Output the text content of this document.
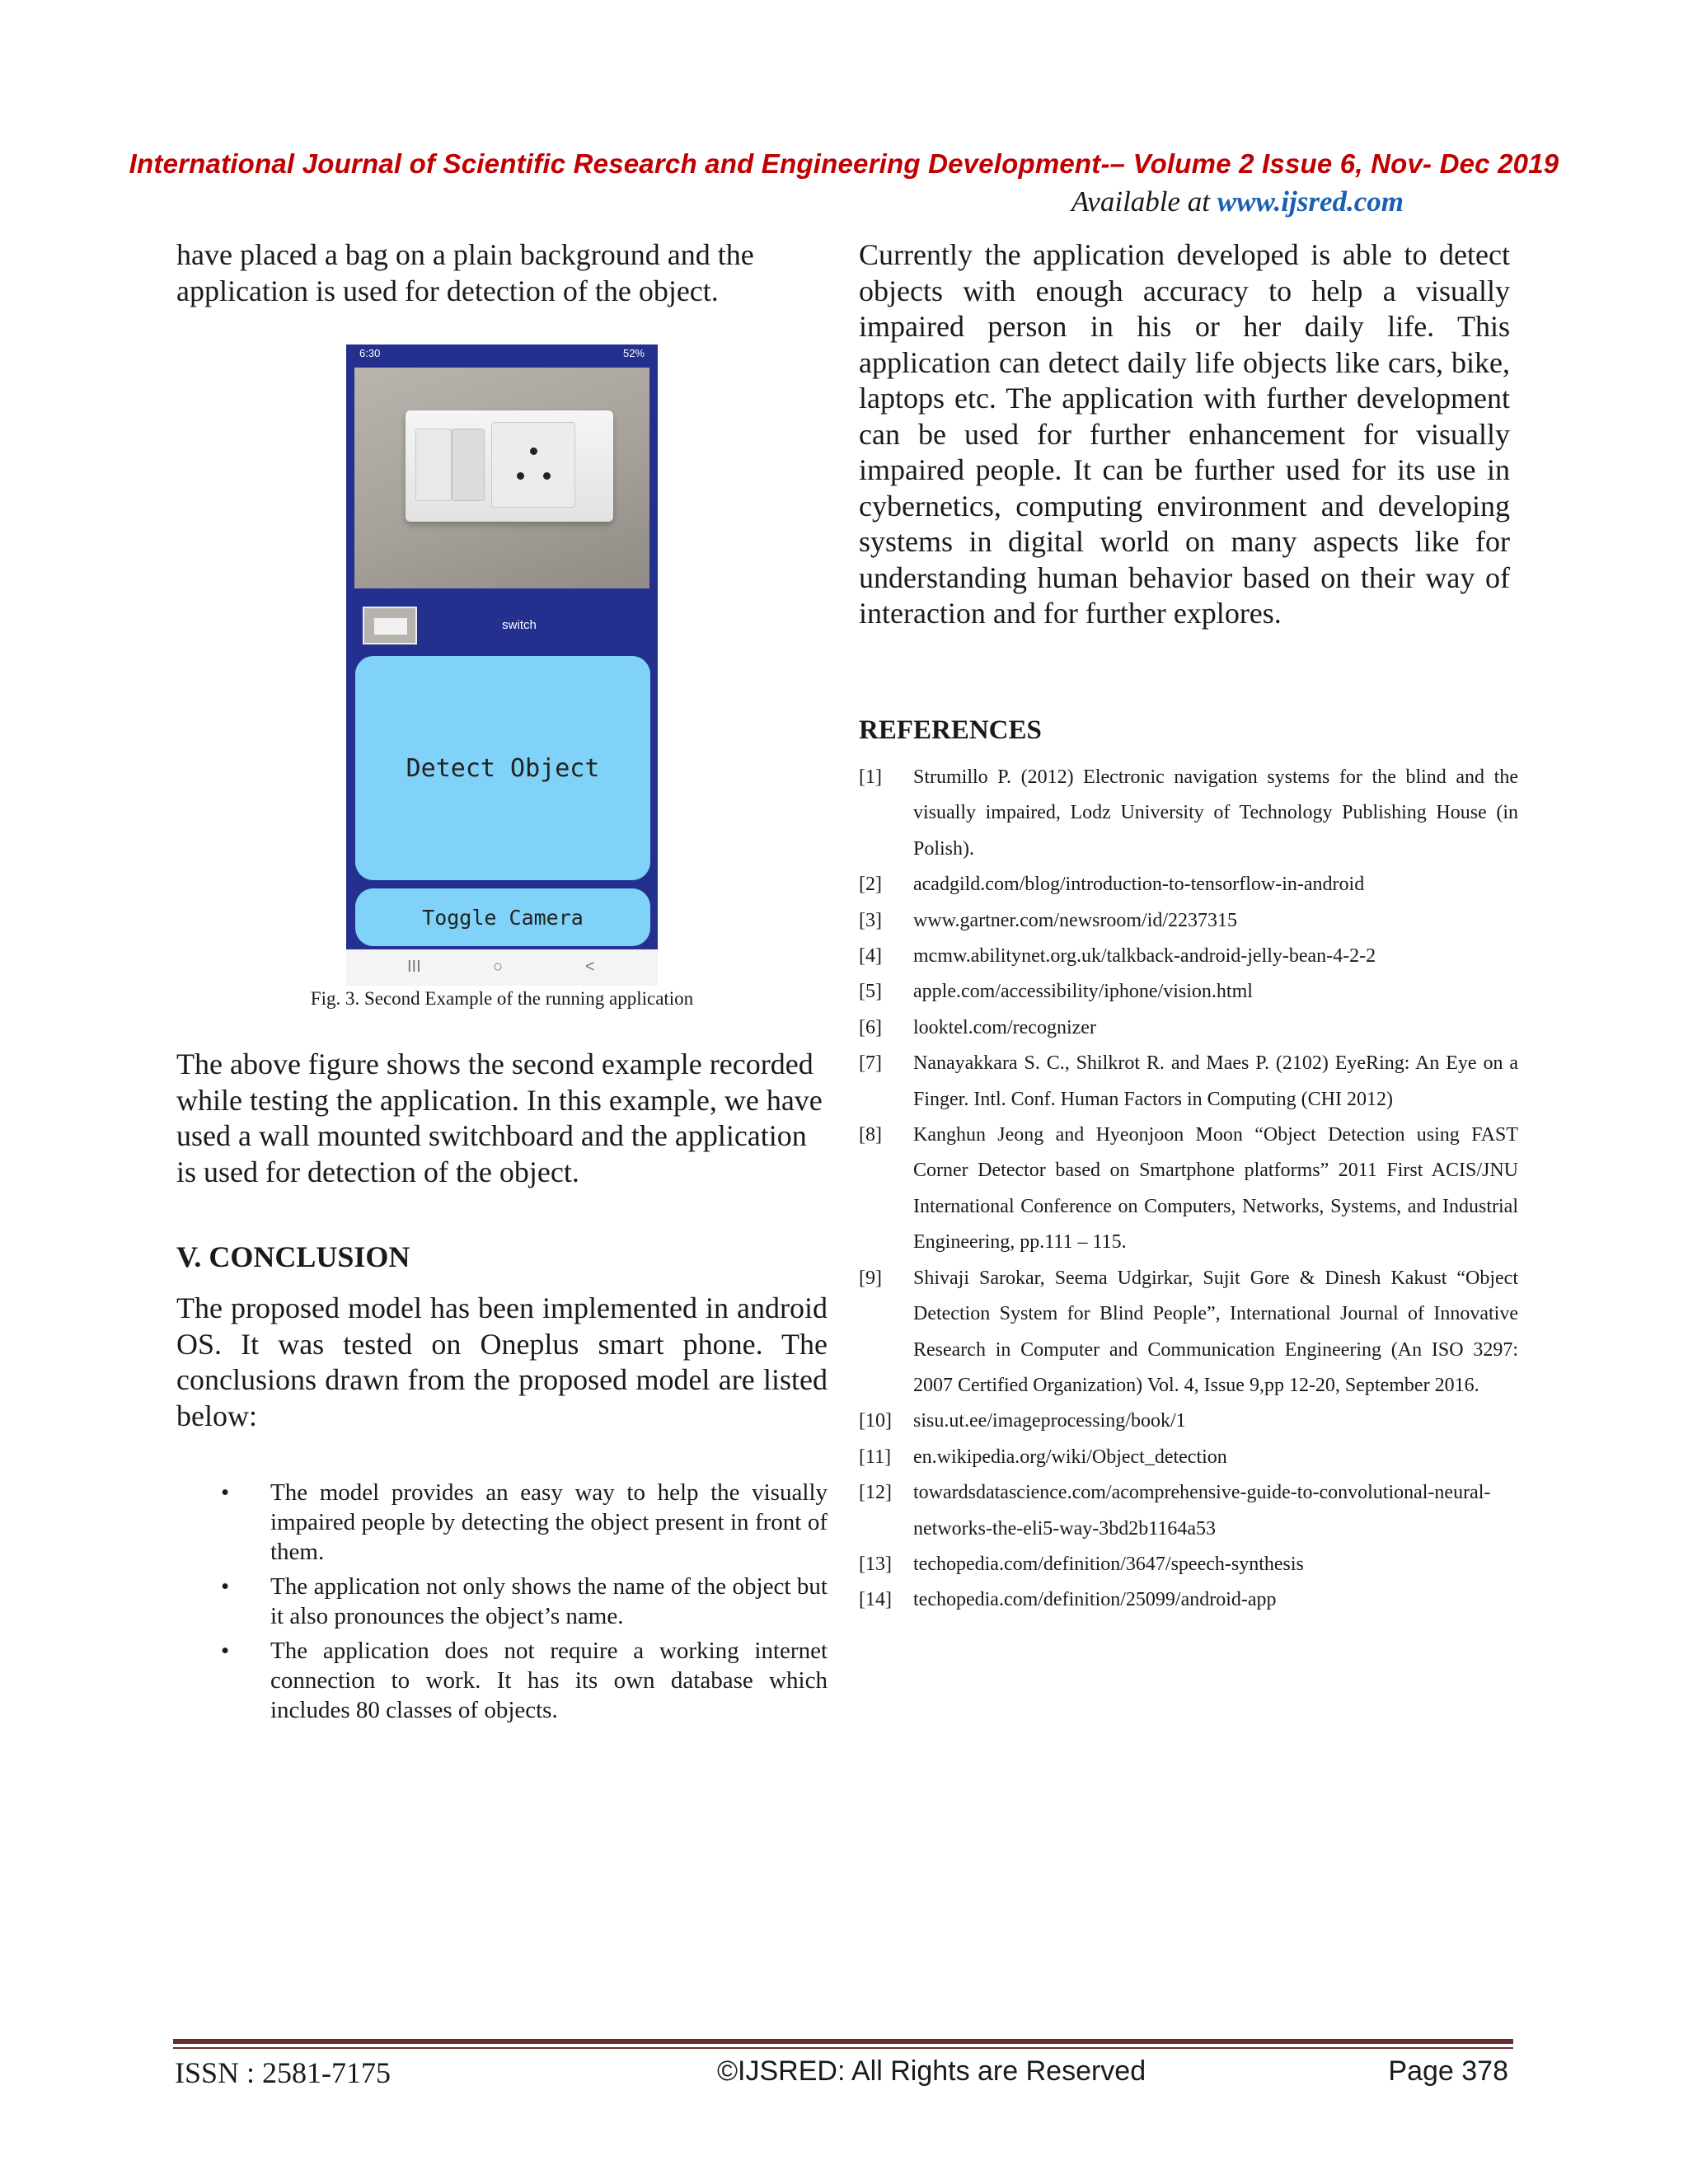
International Journal of Scientific Research and Engineering Development-– Volume 2 Issue 6, Nov- Dec 2019
Available at www.ijsred.com

have placed a bag on a plain background and the application is used for detection of the object.

6:30	52%
switch
Detect Object
Toggle Camera
III	○	<
Fig. 3. Second Example of the running application

The above figure shows the second example recorded while testing the application. In this example, we have used a wall mounted switchboard and the application is used for detection of the object.

V. CONCLUSION

The proposed model has been implemented in android OS. It was tested on Oneplus smart phone. The conclusions drawn from the proposed model are listed below:

• The model provides an easy way to help the visually impaired people by detecting the object present in front of them.
• The application not only shows the name of the object but it also pronounces the object’s name.
• The application does not require a working internet connection to work. It has its own database which includes 80 classes of objects.

Currently the application developed is able to detect objects with enough accuracy to help a visually impaired person in his or her daily life. This application can detect daily life objects like cars, bike, laptops etc. The application with further development can be used for further enhancement for visually impaired people. It can be further used for its use in cybernetics, computing environment and developing systems in digital world on many aspects like for understanding human behavior based on their way of interaction and for further explores.

REFERENCES
[1] Strumillo P. (2012) Electronic navigation systems for the blind and the visually impaired, Lodz University of Technology Publishing House (in Polish).
[2] acadgild.com/blog/introduction-to-tensorflow-in-android
[3] www.gartner.com/newsroom/id/2237315
[4] mcmw.abilitynet.org.uk/talkback-android-jelly-bean-4-2-2
[5] apple.com/accessibility/iphone/vision.html
[6] looktel.com/recognizer
[7] Nanayakkara S. C., Shilkrot R. and Maes P. (2102) EyeRing: An Eye on a Finger. Intl. Conf. Human Factors in Computing (CHI 2012)
[8] Kanghun Jeong and Hyeonjoon Moon “Object Detection using FAST Corner Detector based on Smartphone platforms” 2011 First ACIS/JNU International Conference on Computers, Networks, Systems, and Industrial Engineering, pp.111 – 115.
[9] Shivaji Sarokar, Seema Udgirkar, Sujit Gore & Dinesh Kakust “Object Detection System for Blind People”, International Journal of Innovative Research in Computer and Communication Engineering (An ISO 3297: 2007 Certified Organization) Vol. 4, Issue 9,pp 12-20, September 2016.
[10] sisu.ut.ee/imageprocessing/book/1
[11] en.wikipedia.org/wiki/Object_detection
[12] towardsdatascience.com/acomprehensive-guide-to-convolutional-neural-networks-the-eli5-way-3bd2b1164a53
[13] techopedia.com/definition/3647/speech-synthesis
[14] techopedia.com/definition/25099/android-app
ISSN : 2581-7175	©IJSRED: All Rights are Reserved	Page 378
